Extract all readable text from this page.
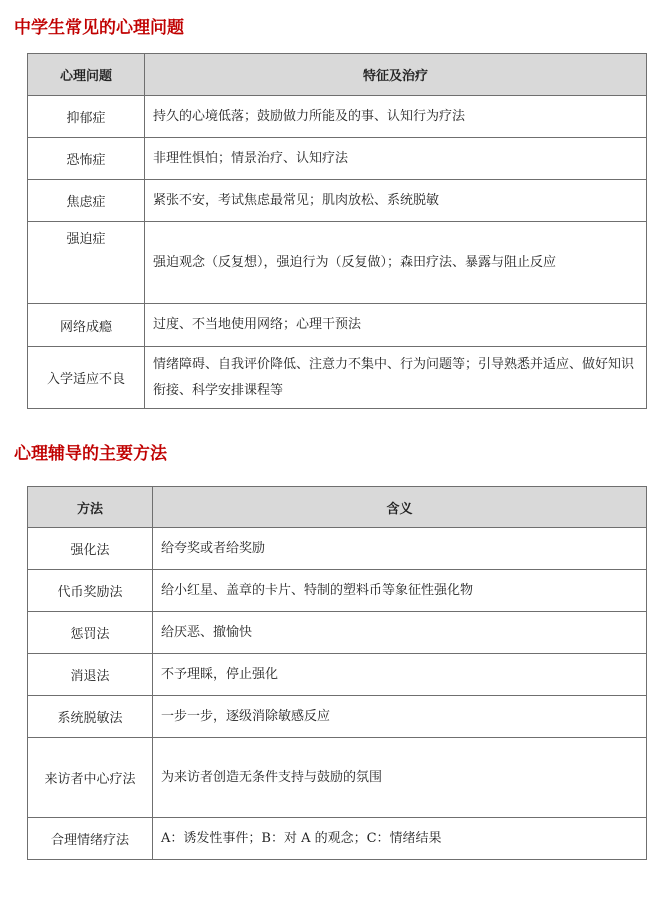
中学生常见的心理问题
心理问题	特征及治疗
抑郁症	持久的心境低落；鼓励做力所能及的事、认知行为疗法
恐怖症	非理性惧怕；情景治疗、认知疗法
焦虑症	紧张不安，考试焦虑最常见；肌肉放松、系统脱敏
强迫症	强迫观念（反复想），强迫行为（反复做）；森田疗法、暴露与阻止反应
网络成瘾	过度、不当地使用网络；心理干预法
入学适应不良	情绪障碍、自我评价降低、注意力不集中、行为问题等；引导熟悉并适应、做好知识衔接、科学安排课程等
心理辅导的主要方法
方法	含义
强化法	给夸奖或者给奖励
代币奖励法	给小红星、盖章的卡片、特制的塑料币等象征性强化物
惩罚法	给厌恶、撤愉快
消退法	不予理睬，停止强化
系统脱敏法	一步一步，逐级消除敏感反应
来访者中心疗法	为来访者创造无条件支持与鼓励的氛围
合理情绪疗法	A：诱发性事件；B：对 A 的观念；C：情绪结果
